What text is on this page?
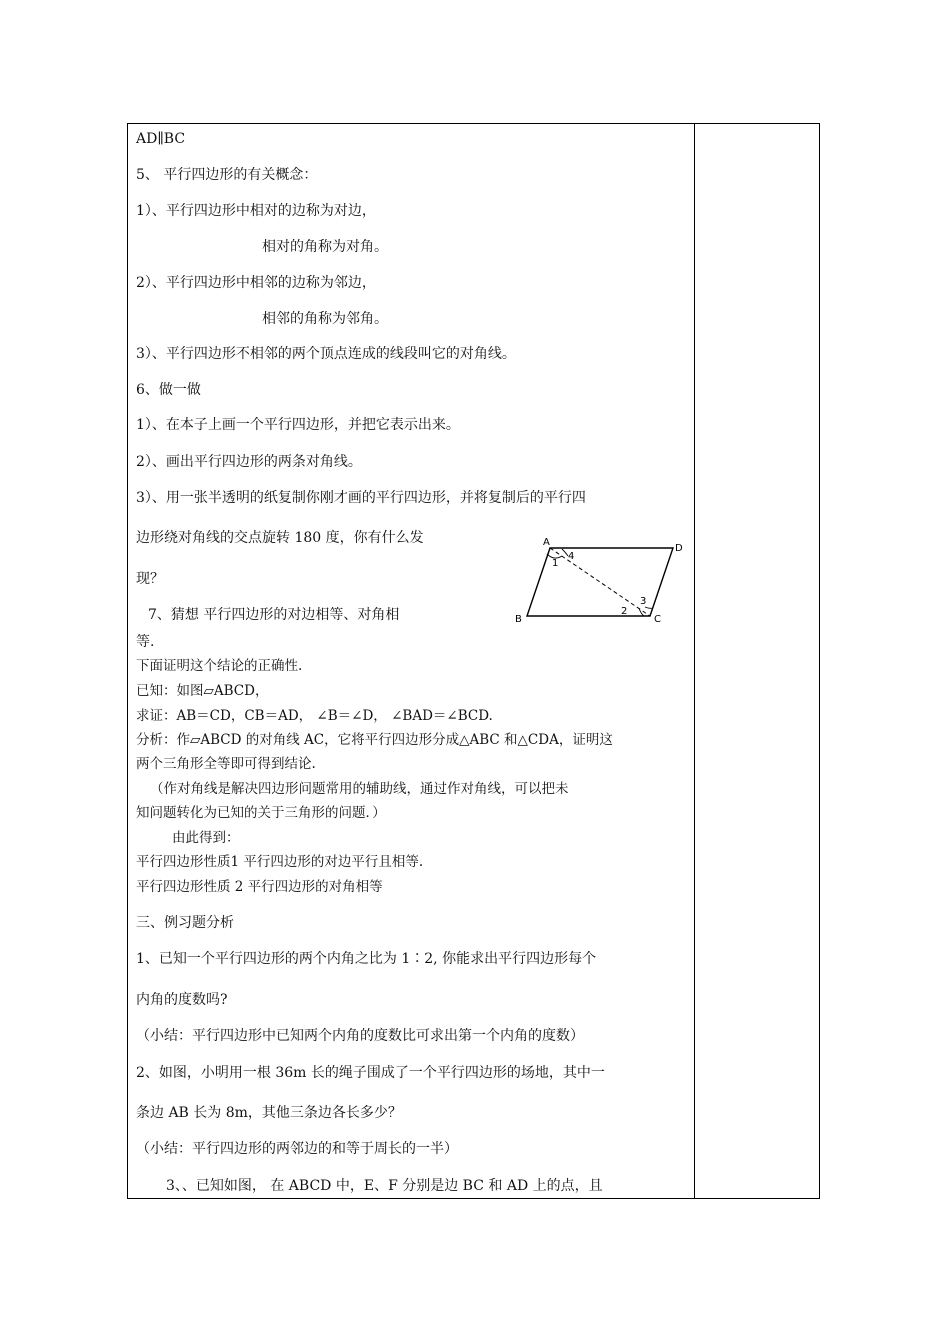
AD∥BC
5、 平行四边形的有关概念：
1）、平行四边形中相对的边称为对边，
相对的角称为对角。
2）、平行四边形中相邻的边称为邻边，
相邻的角称为邻角。
3）、平行四边形不相邻的两个顶点连成的线段叫它的对角线。
6、做一做
1）、在本子上画一个平行四边形，并把它表示出来。
2）、画出平行四边形的两条对角线。
3）、用一张半透明的纸复制你刚才画的平行四边形，并将复制后的平行四
边形绕对角线的交点旋转 180 度，你有什么发
现？
7、猜想 平行四边形的对边相等、对角相
等.
下面证明这个结论的正确性.
已知：如图▱ABCD，
求证：AB＝CD，CB＝AD， ∠B＝∠D， ∠BAD＝∠BCD.
分析：作▱ABCD 的对角线 AC，它将平行四边形分成△ABC 和△CDA，证明这
两个三角形全等即可得到结论.
（作对角线是解决四边形问题常用的辅助线，通过作对角线，可以把未
知问题转化为已知的关于三角形的问题．）
由此得到：
平行四边形性质1 平行四边形的对边平行且相等.
平行四边形性质 2 平行四边形的对角相等
三、例习题分析
1、已知一个平行四边形的两个内角之比为 1∶2, 你能求出平行四边形每个
内角的度数吗?
（小结：平行四边形中已知两个内角的度数比可求出第一个内角的度数）
2、如图，小明用一根 36m 长的绳子围成了一个平行四边形的场地，其中一
条边 AB 长为 8m，其他三条边各长多少？
（小结：平行四边形的两邻边的和等于周长的一半）
3、、已知如图， 在 ABCD 中，E、F 分别是边 BC 和 AD 上的点，且
A
D
B	C
1
4
2
3
